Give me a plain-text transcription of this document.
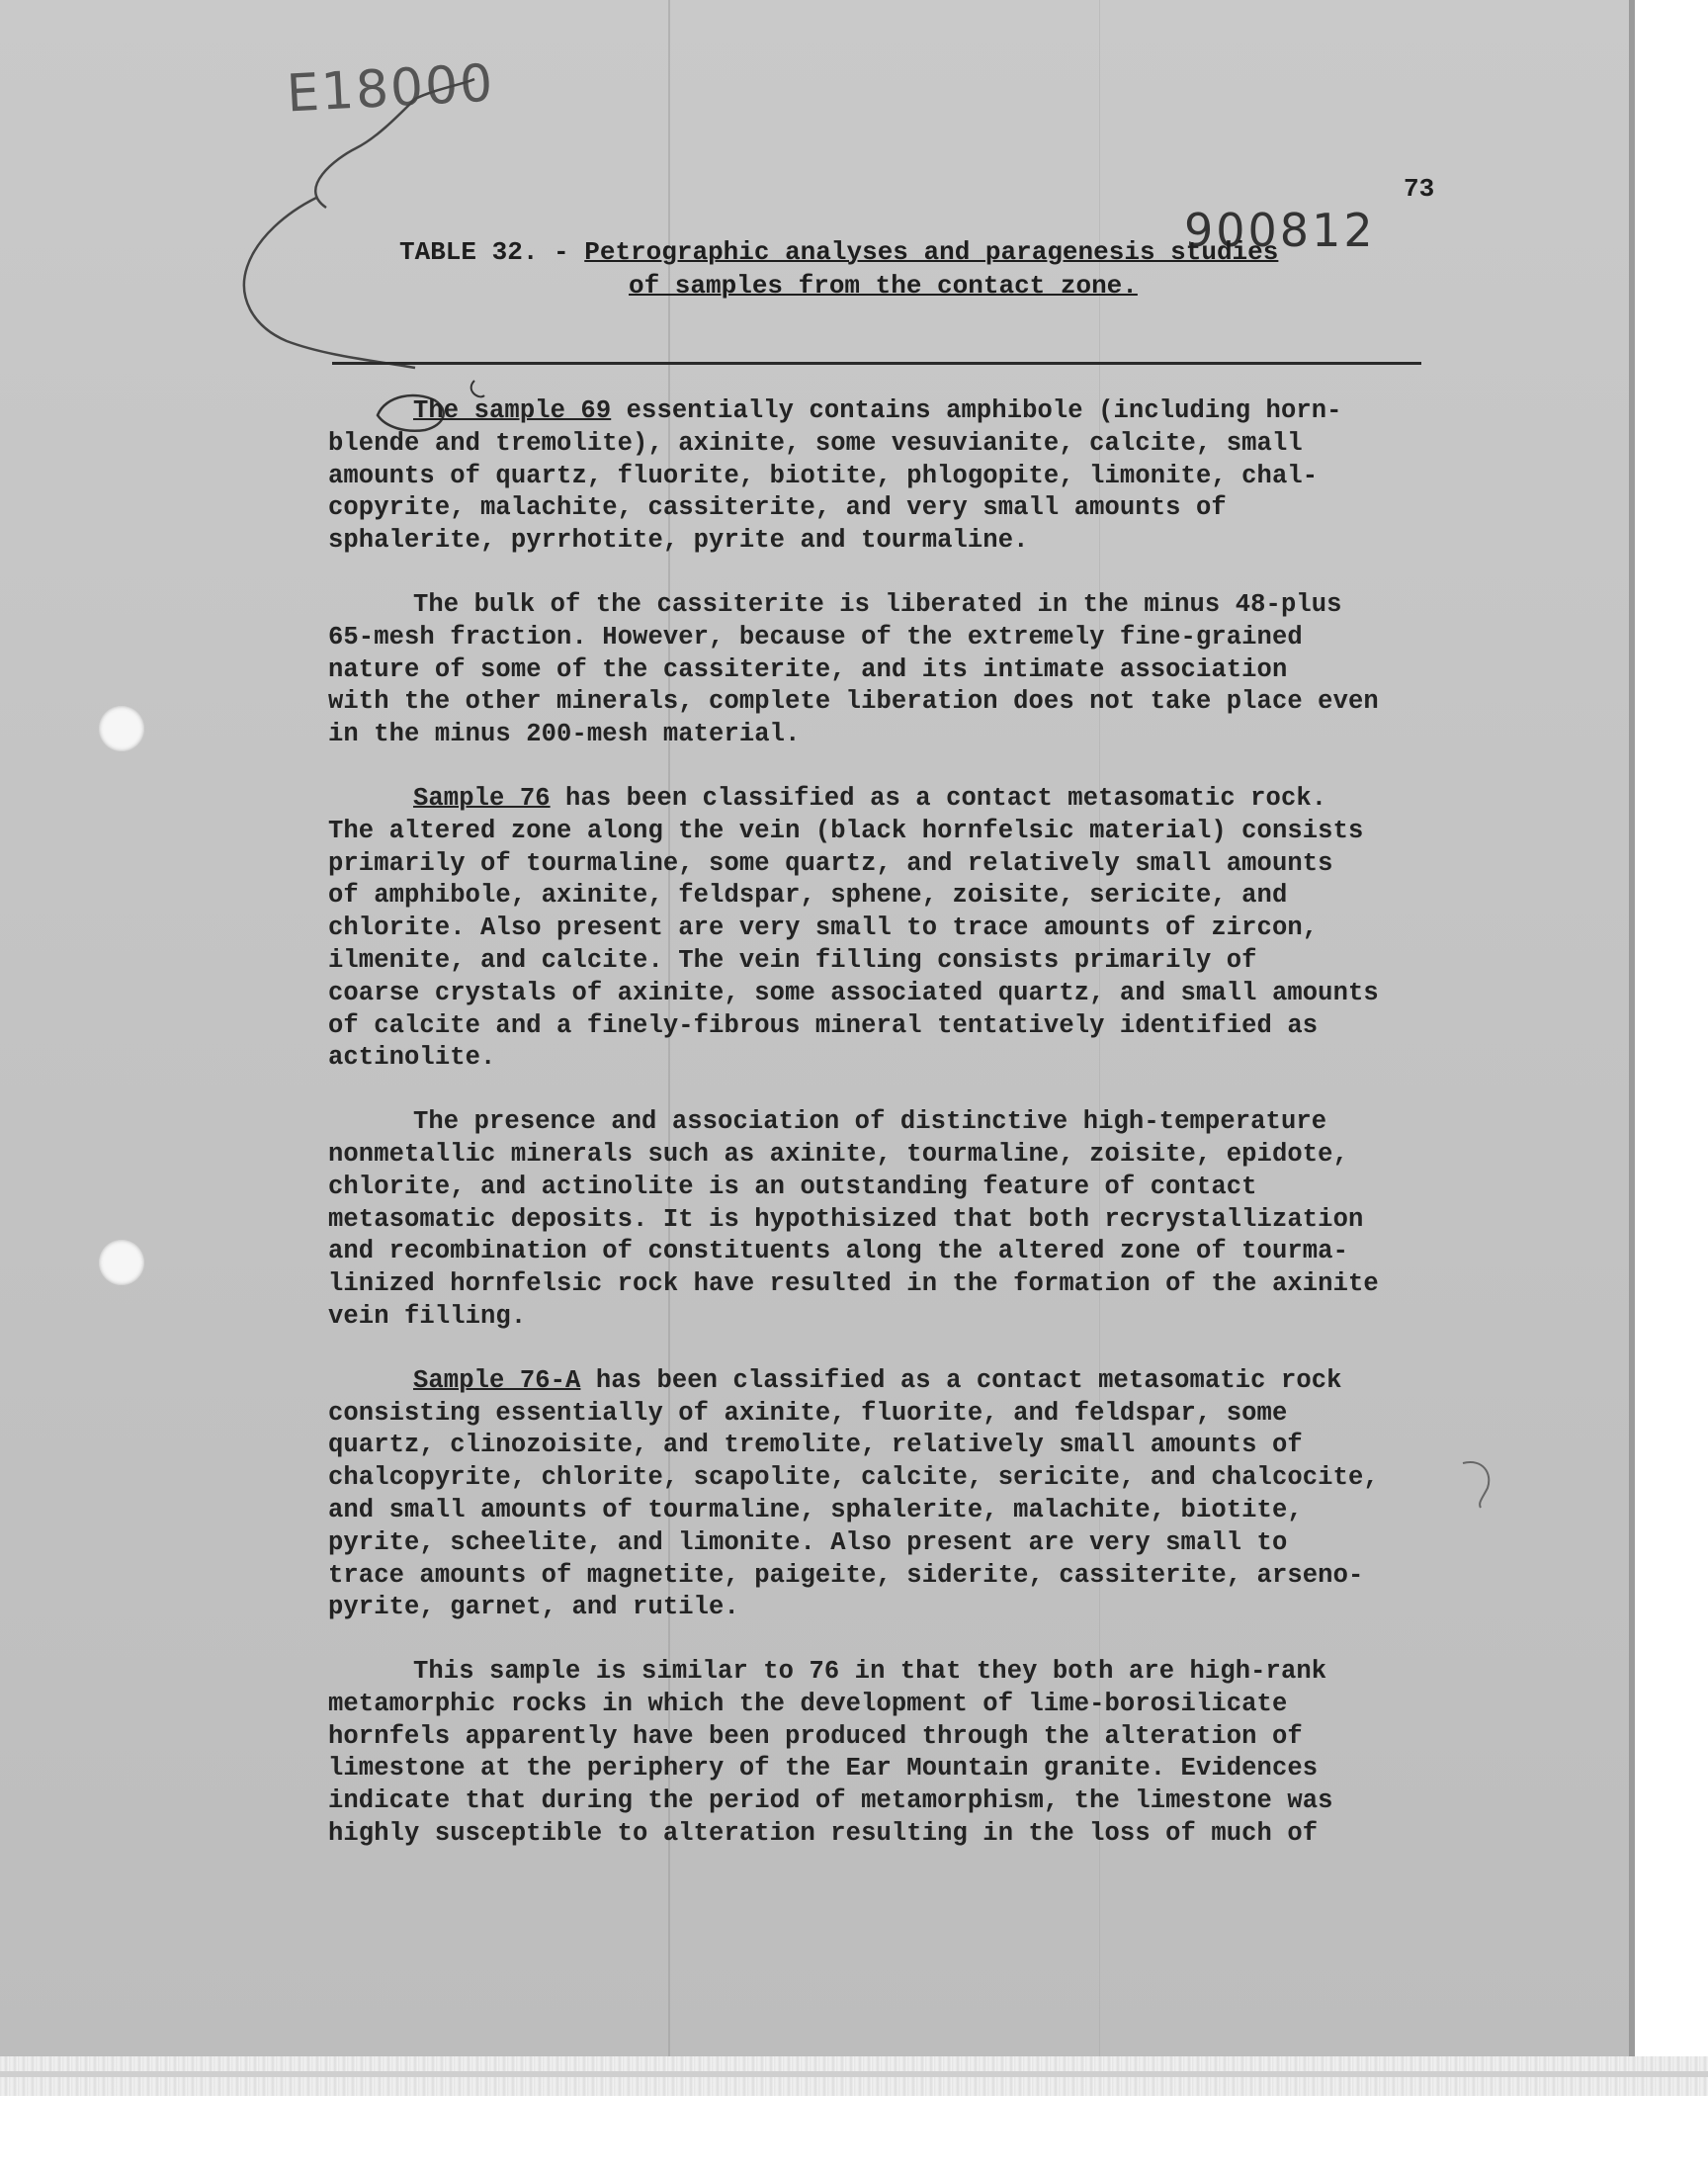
E18000
900812
73
TABLE 32. - Petrographic analyses and paragenesis studies
of samples from the contact zone.

The sample 69 essentially contains amphibole (including horn-
blende and tremolite), axinite, some vesuvianite, calcite, small
amounts of quartz, fluorite, biotite, phlogopite, limonite, chal-
copyrite, malachite, cassiterite, and very small amounts of
sphalerite, pyrrhotite, pyrite and tourmaline.

The bulk of the cassiterite is liberated in the minus 48-plus
65-mesh fraction. However, because of the extremely fine-grained
nature of some of the cassiterite, and its intimate association
with the other minerals, complete liberation does not take place even
in the minus 200-mesh material.

Sample 76 has been classified as a contact metasomatic rock.
The altered zone along the vein (black hornfelsic material) consists
primarily of tourmaline, some quartz, and relatively small amounts
of amphibole, axinite, feldspar, sphene, zoisite, sericite, and
chlorite. Also present are very small to trace amounts of zircon,
ilmenite, and calcite. The vein filling consists primarily of
coarse crystals of axinite, some associated quartz, and small amounts
of calcite and a finely-fibrous mineral tentatively identified as
actinolite.

The presence and association of distinctive high-temperature
nonmetallic minerals such as axinite, tourmaline, zoisite, epidote,
chlorite, and actinolite is an outstanding feature of contact
metasomatic deposits. It is hypothisized that both recrystallization
and recombination of constituents along the altered zone of tourma-
linized hornfelsic rock have resulted in the formation of the axinite
vein filling.

Sample 76-A has been classified as a contact metasomatic rock
consisting essentially of axinite, fluorite, and feldspar, some
quartz, clinozoisite, and tremolite, relatively small amounts of
chalcopyrite, chlorite, scapolite, calcite, sericite, and chalcocite,
and small amounts of tourmaline, sphalerite, malachite, biotite,
pyrite, scheelite, and limonite. Also present are very small to
trace amounts of magnetite, paigeite, siderite, cassiterite, arseno-
pyrite, garnet, and rutile.

This sample is similar to 76 in that they both are high-rank
metamorphic rocks in which the development of lime-borosilicate
hornfels apparently have been produced through the alteration of
limestone at the periphery of the Ear Mountain granite. Evidences
indicate that during the period of metamorphism, the limestone was
highly susceptible to alteration resulting in the loss of much of
